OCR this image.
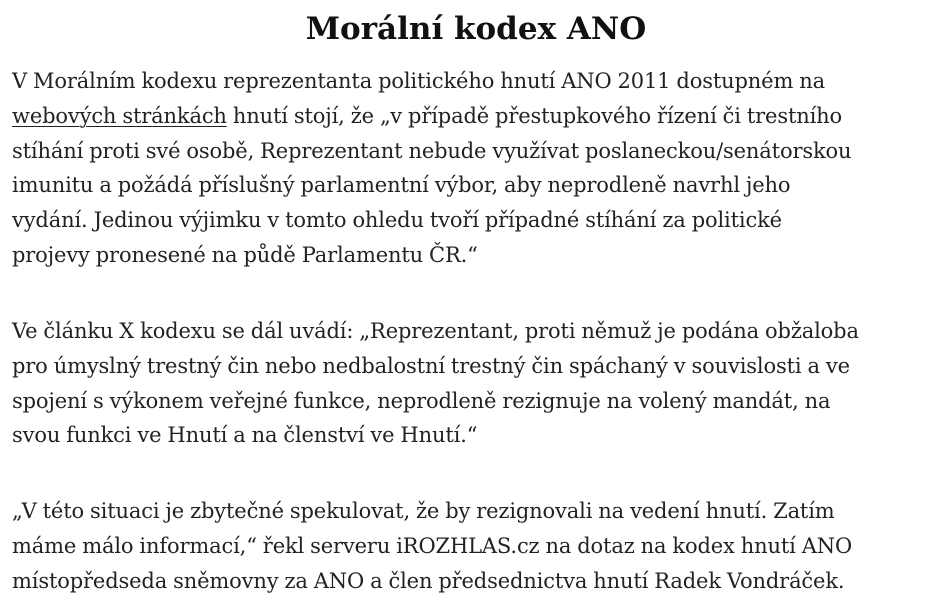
Morální kodex ANO

V Morálním kodexu reprezentanta politického hnutí ANO 2011 dostupném na
webových stránkách hnutí stojí, že „v případě přestupkového řízení či trestního
stíhání proti své osobě, Reprezentant nebude využívat poslaneckou/senátorskou
imunitu a požádá příslušný parlamentní výbor, aby neprodleně navrhl jeho
vydání. Jedinou výjimku v tomto ohledu tvoří případné stíhání za politické
projevy pronesené na půdě Parlamentu ČR.“

Ve článku X kodexu se dál uvádí: „Reprezentant, proti němuž je podána obžaloba
pro úmyslný trestný čin nebo nedbalostní trestný čin spáchaný v souvislosti a ve
spojení s výkonem veřejné funkce, neprodleně rezignuje na volený mandát, na
svou funkci ve Hnutí a na členství ve Hnutí.“

„V této situaci je zbytečné spekulovat, že by rezignovali na vedení hnutí. Zatím
máme málo informací,“ řekl serveru iROZHLAS.cz na dotaz na kodex hnutí ANO
místopředseda sněmovny za ANO a člen předsednictva hnutí Radek Vondráček.
